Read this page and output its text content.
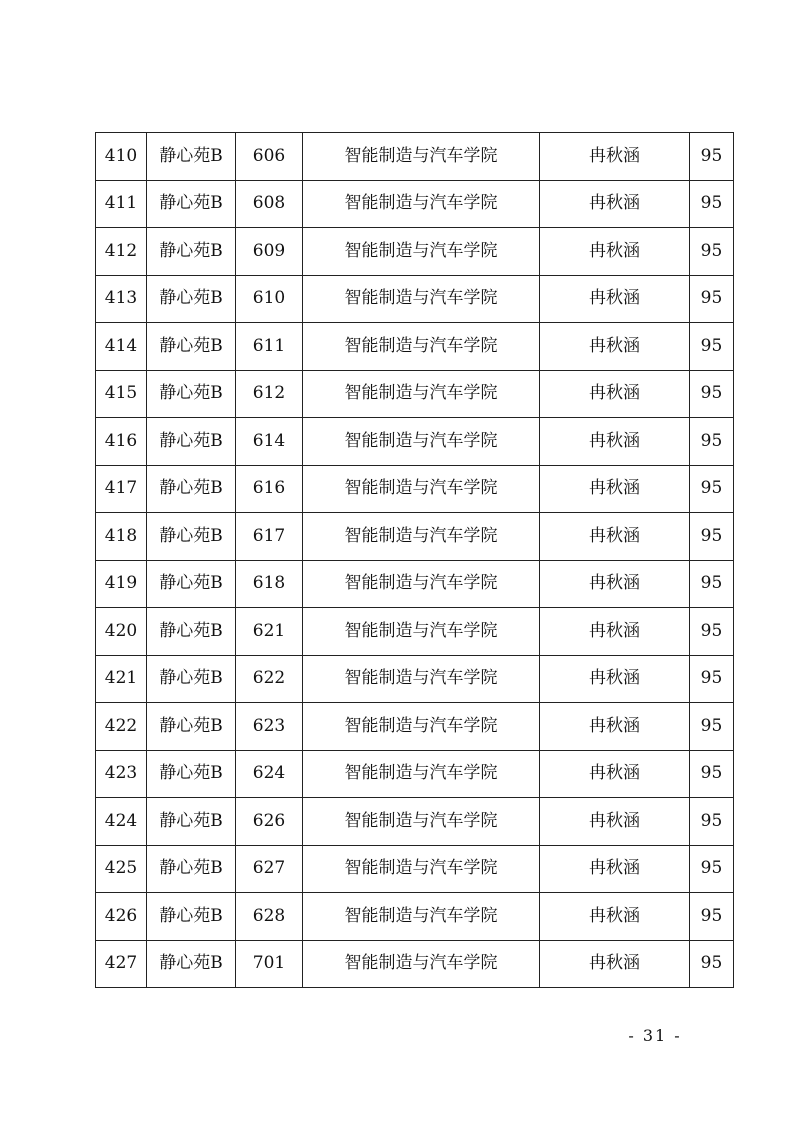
410	静心苑B	606	智能制造与汽车学院	冉秋涵	95
411	静心苑B	608	智能制造与汽车学院	冉秋涵	95
412	静心苑B	609	智能制造与汽车学院	冉秋涵	95
413	静心苑B	610	智能制造与汽车学院	冉秋涵	95
414	静心苑B	611	智能制造与汽车学院	冉秋涵	95
415	静心苑B	612	智能制造与汽车学院	冉秋涵	95
416	静心苑B	614	智能制造与汽车学院	冉秋涵	95
417	静心苑B	616	智能制造与汽车学院	冉秋涵	95
418	静心苑B	617	智能制造与汽车学院	冉秋涵	95
419	静心苑B	618	智能制造与汽车学院	冉秋涵	95
420	静心苑B	621	智能制造与汽车学院	冉秋涵	95
421	静心苑B	622	智能制造与汽车学院	冉秋涵	95
422	静心苑B	623	智能制造与汽车学院	冉秋涵	95
423	静心苑B	624	智能制造与汽车学院	冉秋涵	95
424	静心苑B	626	智能制造与汽车学院	冉秋涵	95
425	静心苑B	627	智能制造与汽车学院	冉秋涵	95
426	静心苑B	628	智能制造与汽车学院	冉秋涵	95
427	静心苑B	701	智能制造与汽车学院	冉秋涵	95
- 31 -
